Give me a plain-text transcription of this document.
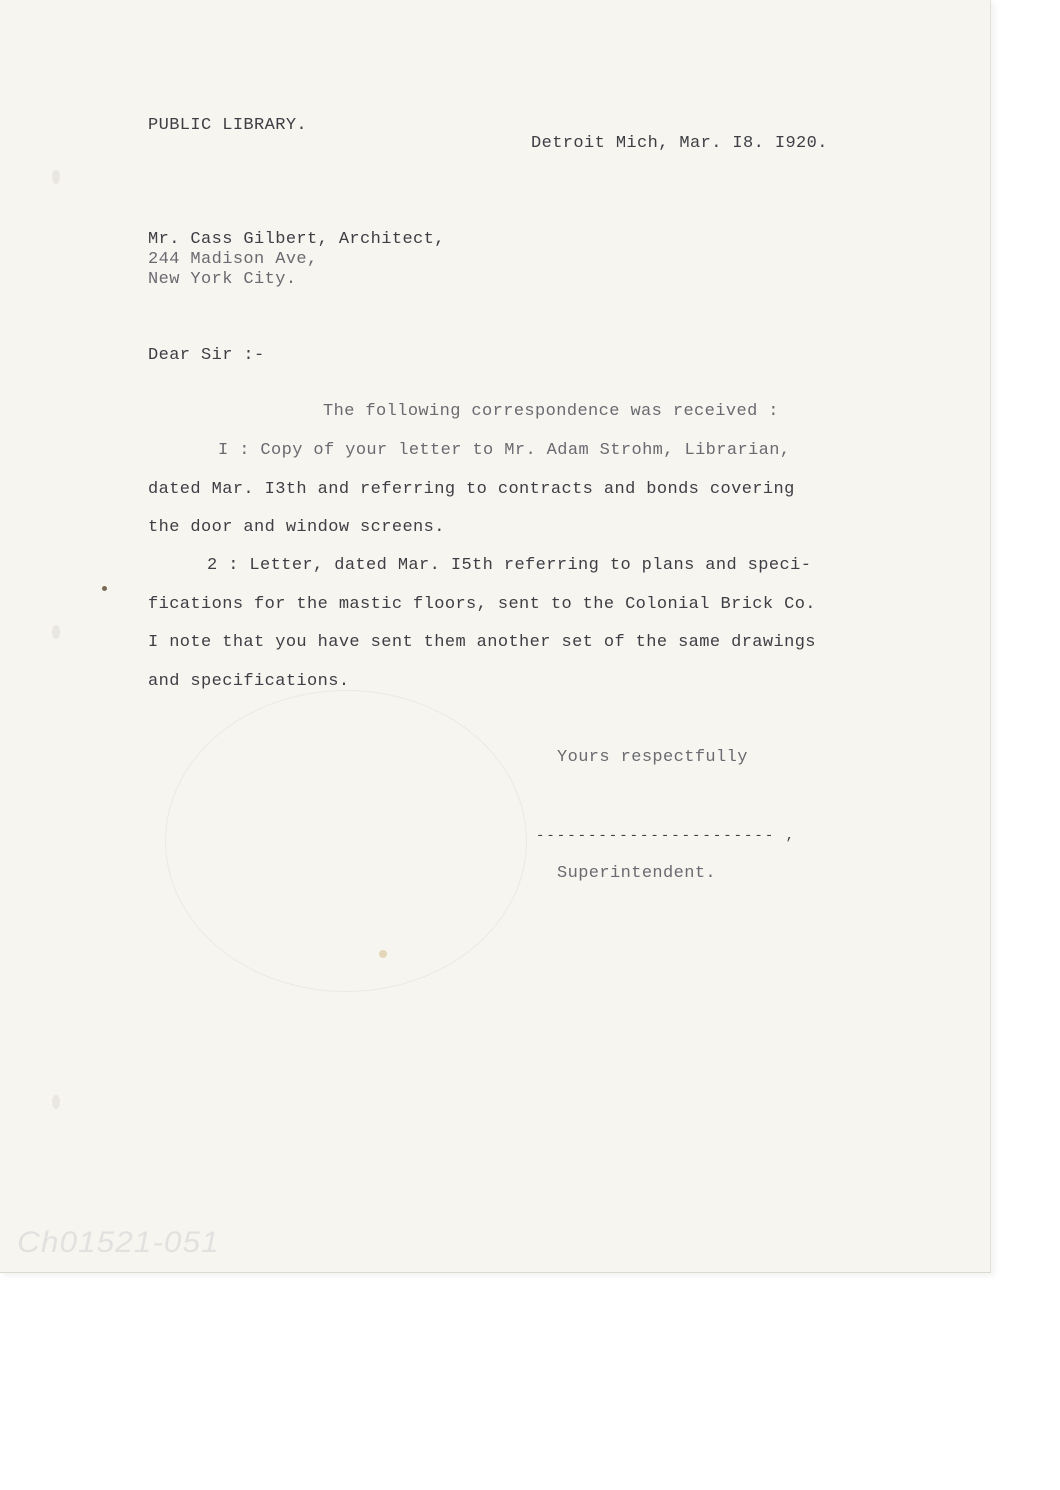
PUBLIC LIBRARY.
Detroit Mich, Mar. I8. I920.
Mr. Cass Gilbert, Architect,
244 Madison Ave,
New York City.
Dear Sir :-
The following correspondence was received :
I : Copy of your letter to Mr. Adam Strohm, Librarian,
dated Mar. I3th and referring to contracts and bonds covering
the door and window screens.
2 : Letter, dated Mar. I5th referring to plans and speci-
fications for the mastic floors, sent to the Colonial Brick Co.
I note that you have sent them another set of the same drawings
and specifications.
Yours respectfully
----------------------- ,
Superintendent.
Ch01521-051
